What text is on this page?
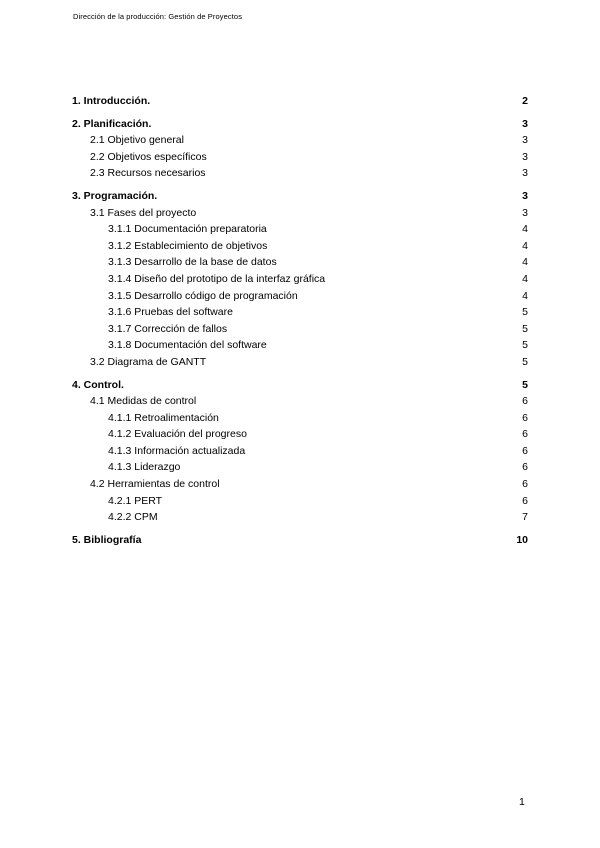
Dirección de la producción: Gestión de Proyectos
1. Introducción.	2
2. Planificación.	3
2.1 Objetivo general	3
2.2 Objetivos específicos	3
2.3 Recursos necesarios	3
3. Programación.	3
3.1 Fases del proyecto	3
3.1.1 Documentación preparatoria	4
3.1.2 Establecimiento de objetivos	4
3.1.3 Desarrollo de la base de datos	4
3.1.4 Diseño del prototipo de la interfaz gráfica	4
3.1.5 Desarrollo código de programación	4
3.1.6 Pruebas del software	5
3.1.7 Corrección de fallos	5
3.1.8 Documentación del software	5
3.2 Diagrama de GANTT	5
4. Control.	5
4.1 Medidas de control	6
4.1.1 Retroalimentación	6
4.1.2 Evaluación del progreso	6
4.1.3 Información actualizada	6
4.1.3 Liderazgo	6
4.2 Herramientas de control	6
4.2.1 PERT	6
4.2.2 CPM	7
5. Bibliografía	10
1
